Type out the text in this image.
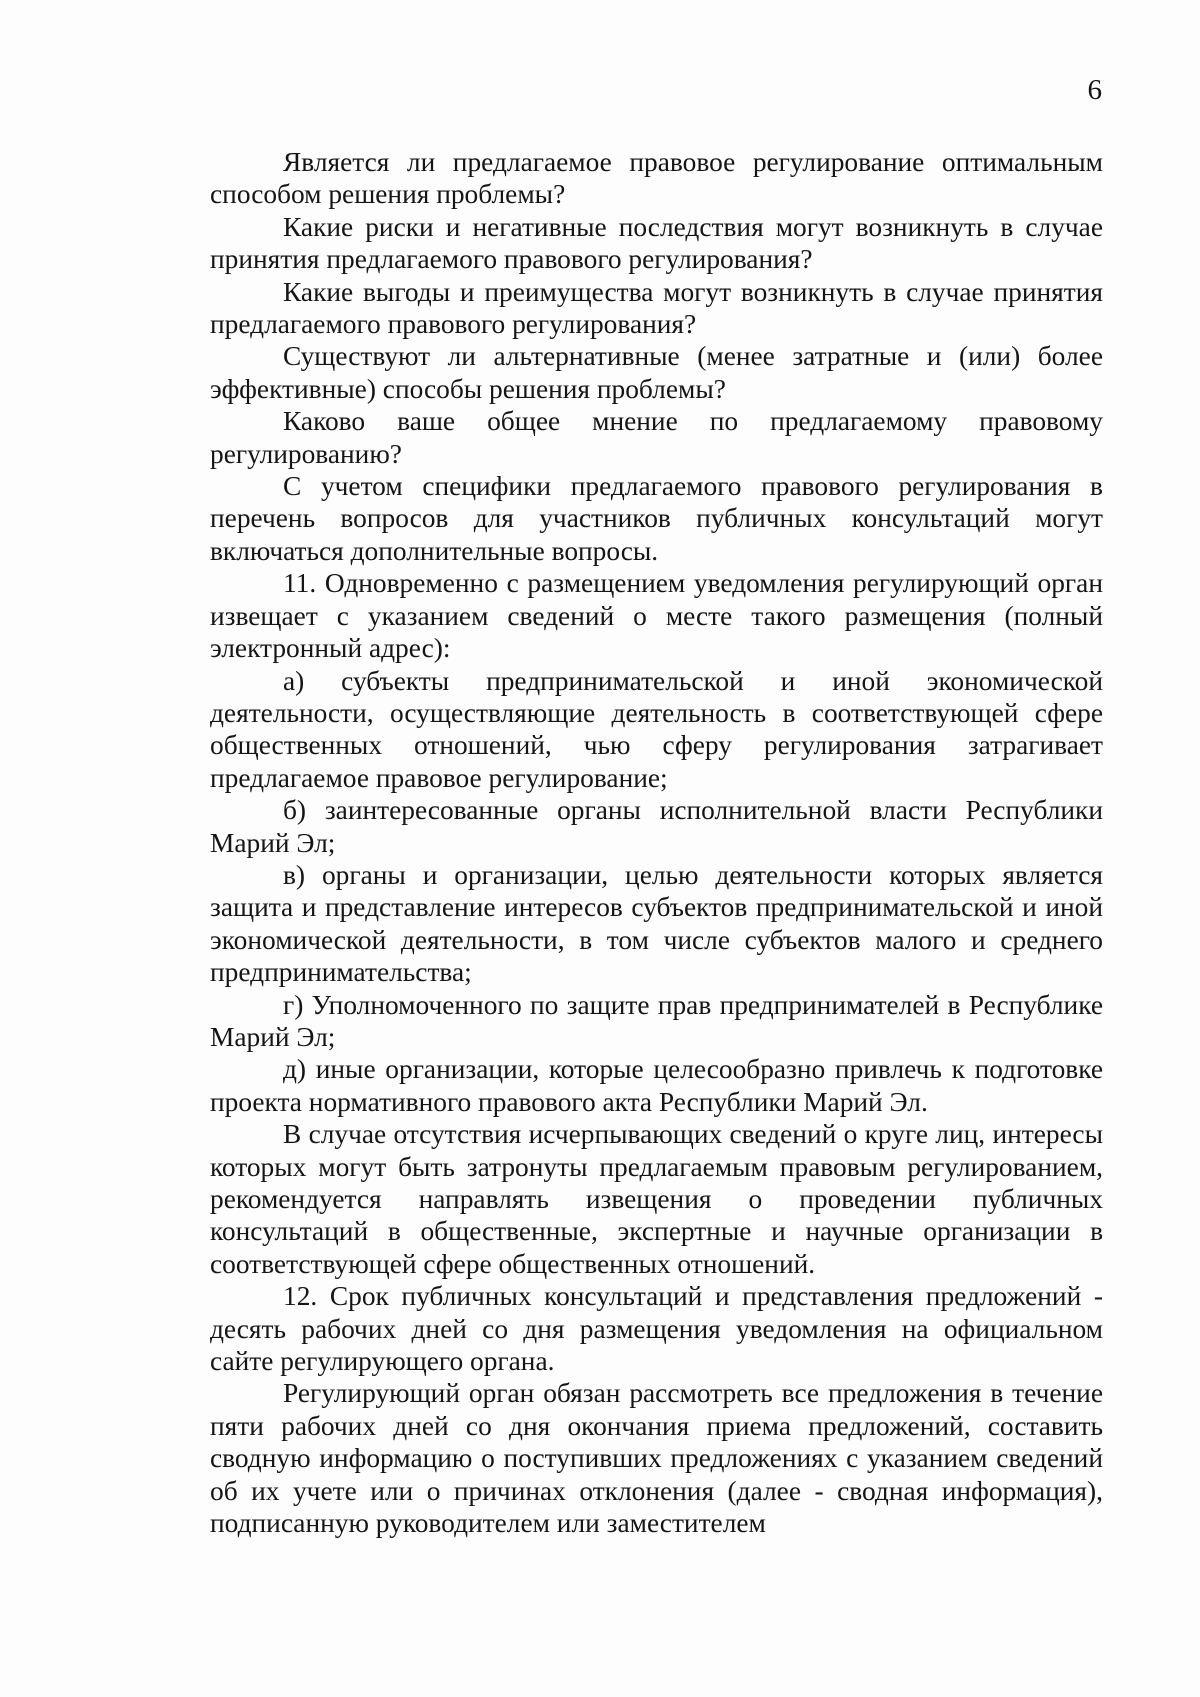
6

Является ли предлагаемое правовое регулирование оптимальным способом решения проблемы?

Какие риски и негативные последствия могут возникнуть в случае принятия предлагаемого правового регулирования?

Какие выгоды и преимущества могут возникнуть в случае принятия предлагаемого правового регулирования?

Существуют ли альтернативные (менее затратные и (или) более эффективные) способы решения проблемы?

Каково ваше общее мнение по предлагаемому правовому регулированию?

С учетом специфики предлагаемого правового регулирования в перечень вопросов для участников публичных консультаций могут включаться дополнительные вопросы.

11. Одновременно с размещением уведомления регулирующий орган извещает с указанием сведений о месте такого размещения (полный электронный адрес):

а) субъекты предпринимательской и иной экономической деятельности, осуществляющие деятельность в соответствующей сфере общественных отношений, чью сферу регулирования затрагивает предлагаемое правовое регулирование;

б) заинтересованные органы исполнительной власти Республики Марий Эл;

в) органы и организации, целью деятельности которых является защита и представление интересов субъектов предпринимательской и иной экономической деятельности, в том числе субъектов малого и среднего предпринимательства;

г) Уполномоченного по защите прав предпринимателей в Республике Марий Эл;

д) иные организации, которые целесообразно привлечь к подготовке проекта нормативного правового акта Республики Марий Эл.

В случае отсутствия исчерпывающих сведений о круге лиц, интересы которых могут быть затронуты предлагаемым правовым регулированием, рекомендуется направлять извещения о проведении публичных консультаций в общественные, экспертные и научные организации в соответствующей сфере общественных отношений.

12. Срок публичных консультаций и представления предложений - десять рабочих дней со дня размещения уведомления на официальном сайте регулирующего органа.

Регулирующий орган обязан рассмотреть все предложения в течение пяти рабочих дней со дня окончания приема предложений, составить сводную информацию о поступивших предложениях с указанием сведений об их учете или о причинах отклонения (далее - сводная информация), подписанную руководителем или заместителем
